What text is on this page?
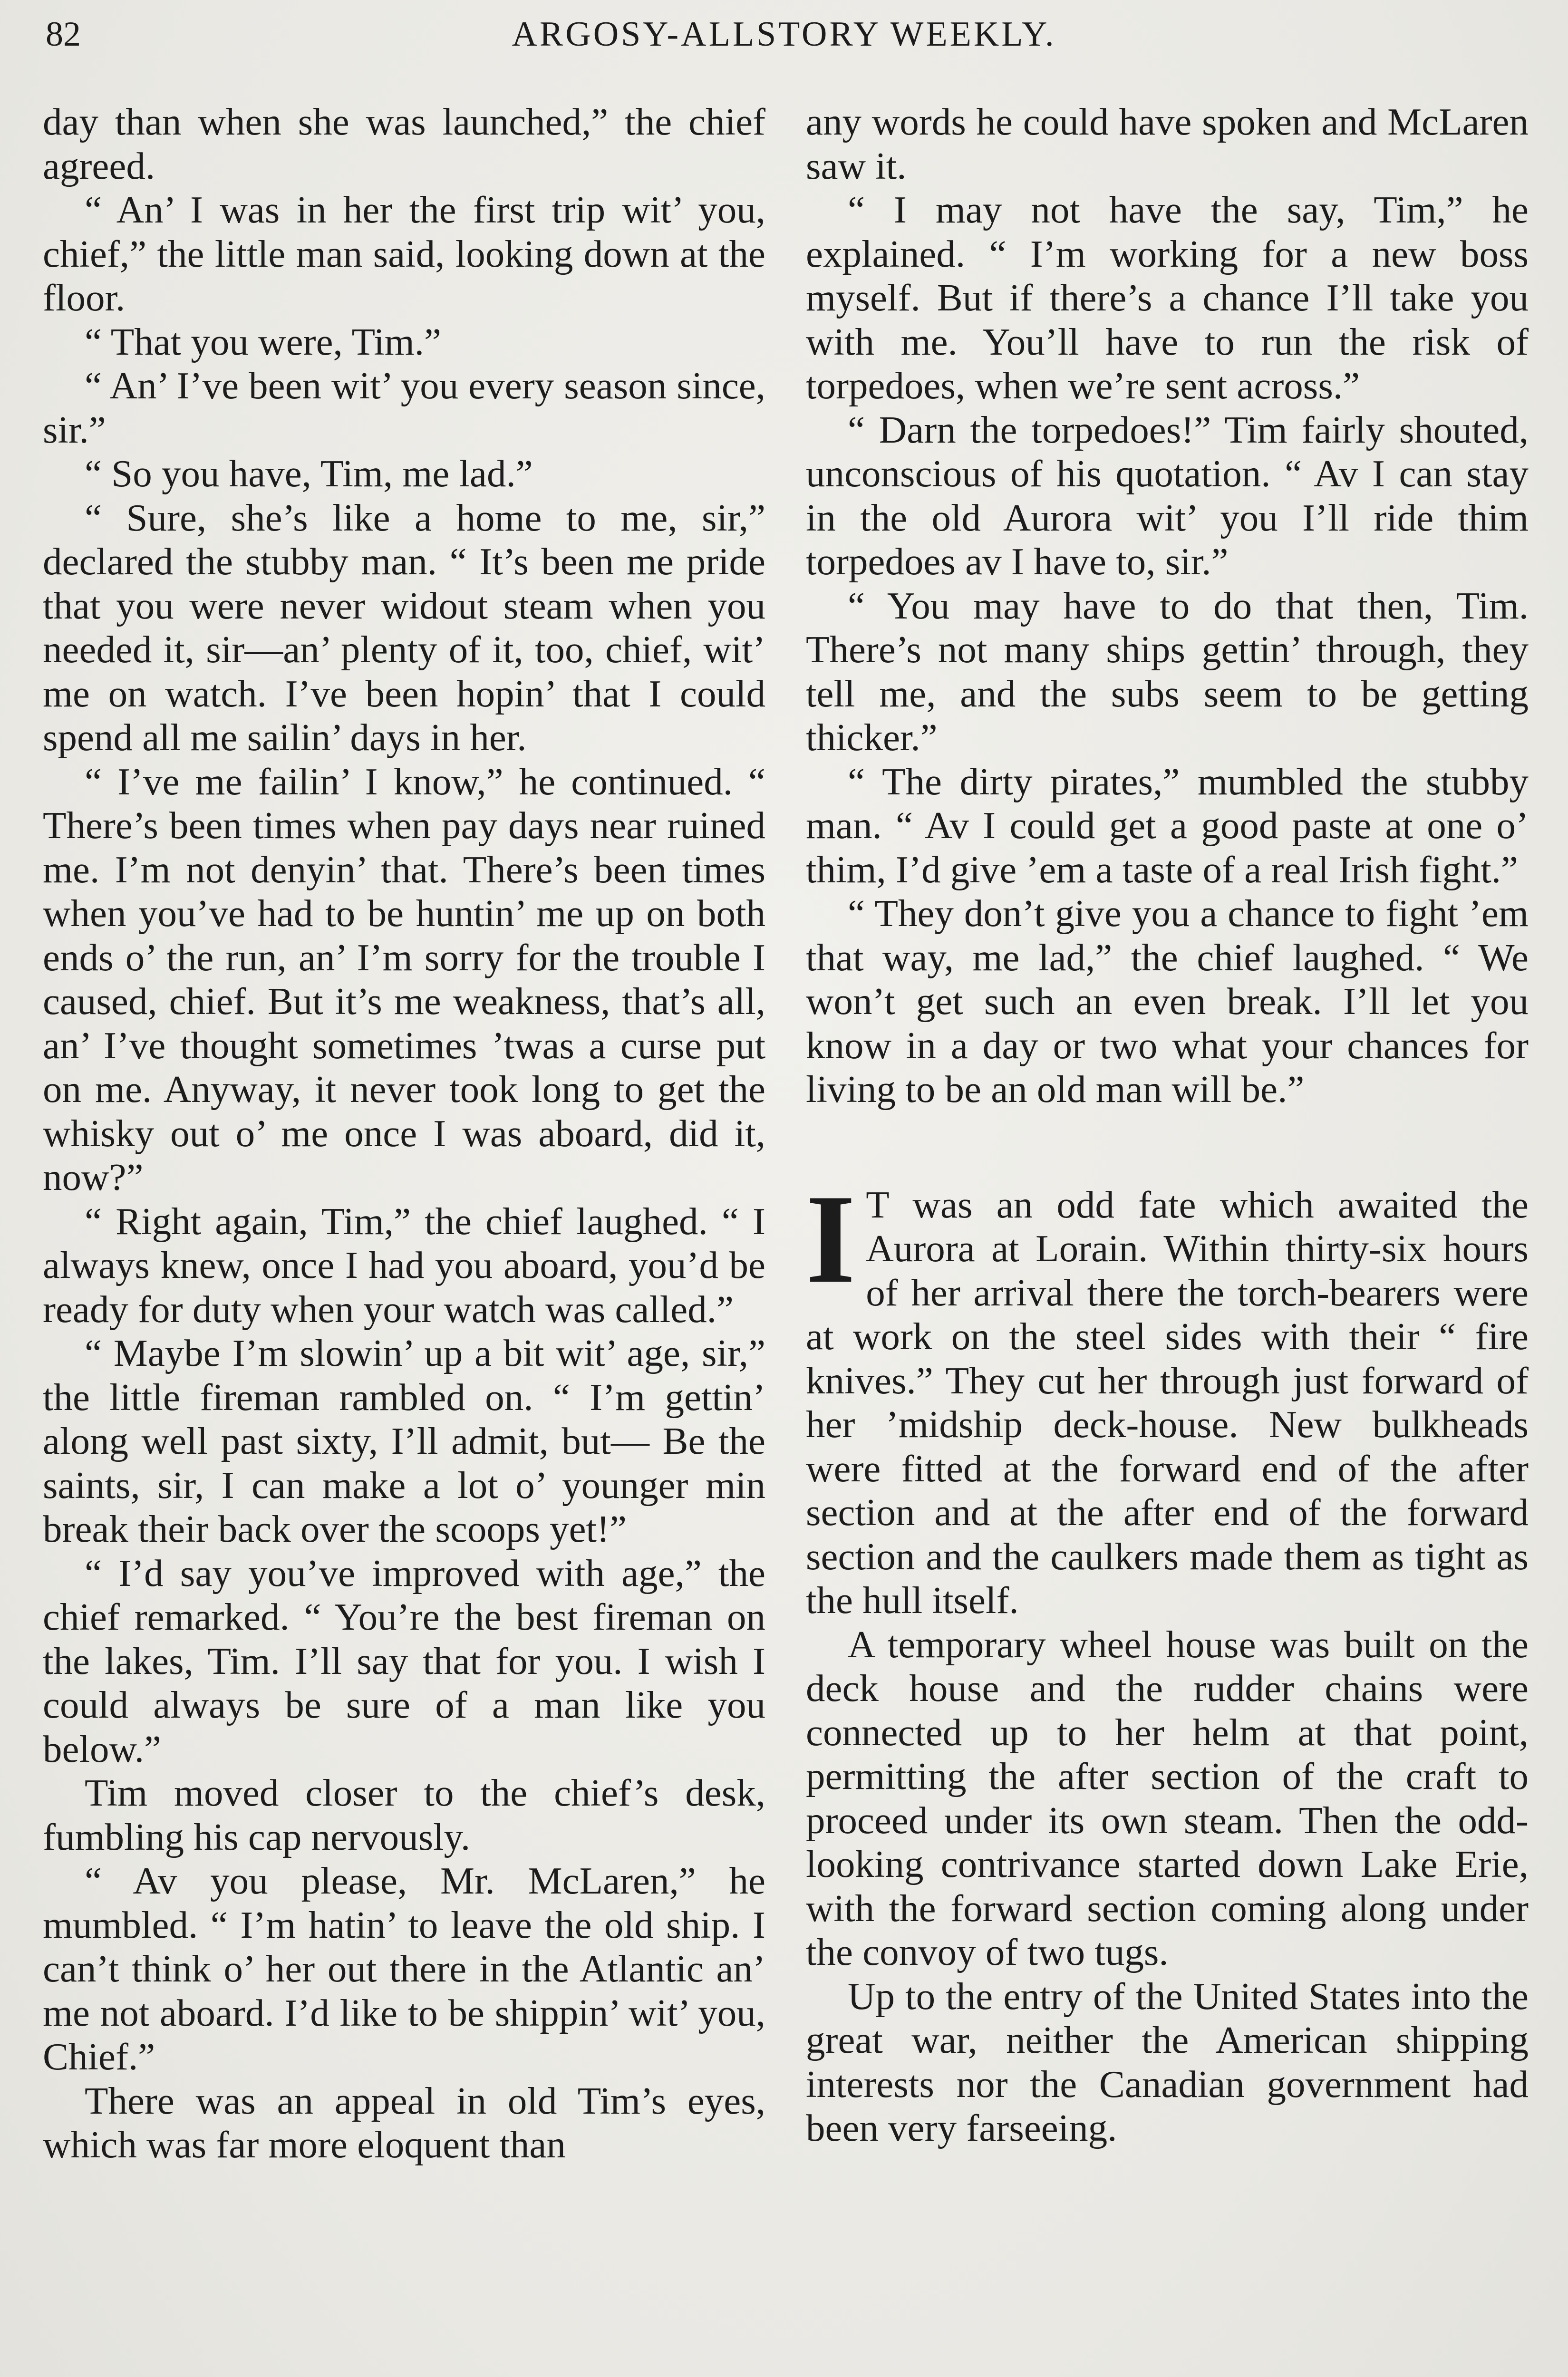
82	ARGOSY-ALLSTORY WEEKLY.

day than when she was launched,” the chief agreed.

“ An’ I was in her the first trip wit’ you, chief,” the little man said, looking down at the floor.

“ That you were, Tim.”

“ An’ I’ve been wit’ you every season since, sir.”

“ So you have, Tim, me lad.”

“ Sure, she’s like a home to me, sir,” declared the stubby man. “ It’s been me pride that you were never widout steam when you needed it, sir—an’ plenty of it, too, chief, wit’ me on watch. I’ve been hopin’ that I could spend all me sailin’ days in her.

“ I’ve me failin’ I know,” he continued. “ There’s been times when pay days near ruined me. I’m not denyin’ that. There’s been times when you’ve had to be huntin’ me up on both ends o’ the run, an’ I’m sorry for the trouble I caused, chief. But it’s me weakness, that’s all, an’ I’ve thought sometimes ’twas a curse put on me. Anyway, it never took long to get the whisky out o’ me once I was aboard, did it, now?”

“ Right again, Tim,” the chief laughed. “ I always knew, once I had you aboard, you’d be ready for duty when your watch was called.”

“ Maybe I’m slowin’ up a bit wit’ age, sir,” the little fireman rambled on. “ I’m gettin’ along well past sixty, I’ll admit, but— Be the saints, sir, I can make a lot o’ younger min break their back over the scoops yet!”

“ I’d say you’ve improved with age,” the chief remarked. “ You’re the best fireman on the lakes, Tim. I’ll say that for you. I wish I could always be sure of a man like you below.”

Tim moved closer to the chief’s desk, fumbling his cap nervously.

“ Av you please, Mr. McLaren,” he mumbled. “ I’m hatin’ to leave the old ship. I can’t think o’ her out there in the Atlantic an’ me not aboard. I’d like to be shippin’ wit’ you, Chief.”

There was an appeal in old Tim’s eyes, which was far more eloquent than

any words he could have spoken and McLaren saw it.

“ I may not have the say, Tim,” he explained. “ I’m working for a new boss myself. But if there’s a chance I’ll take you with me. You’ll have to run the risk of torpedoes, when we’re sent across.”

“ Darn the torpedoes!” Tim fairly shouted, unconscious of his quotation. “ Av I can stay in the old Aurora wit’ you I’ll ride thim torpedoes av I have to, sir.”

“ You may have to do that then, Tim. There’s not many ships gettin’ through, they tell me, and the subs seem to be getting thicker.”

“ The dirty pirates,” mumbled the stubby man. “ Av I could get a good paste at one o’ thim, I’d give ’em a taste of a real Irish fight.”

“ They don’t give you a chance to fight ’em that way, me lad,” the chief laughed. “ We won’t get such an even break. I’ll let you know in a day or two what your chances for living to be an old man will be.”

IT was an odd fate which awaited the Aurora at Lorain. Within thirty-six hours of her arrival there the torch-bearers were at work on the steel sides with their “ fire knives.” They cut her through just forward of her ’midship deck-house. New bulkheads were fitted at the forward end of the after section and at the after end of the forward section and the caulkers made them as tight as the hull itself.

A temporary wheel house was built on the deck house and the rudder chains were connected up to her helm at that point, permitting the after section of the craft to proceed under its own steam. Then the odd-looking contrivance started down Lake Erie, with the forward section coming along under the convoy of two tugs.

Up to the entry of the United States into the great war, neither the American shipping interests nor the Canadian government had been very farseeing.
